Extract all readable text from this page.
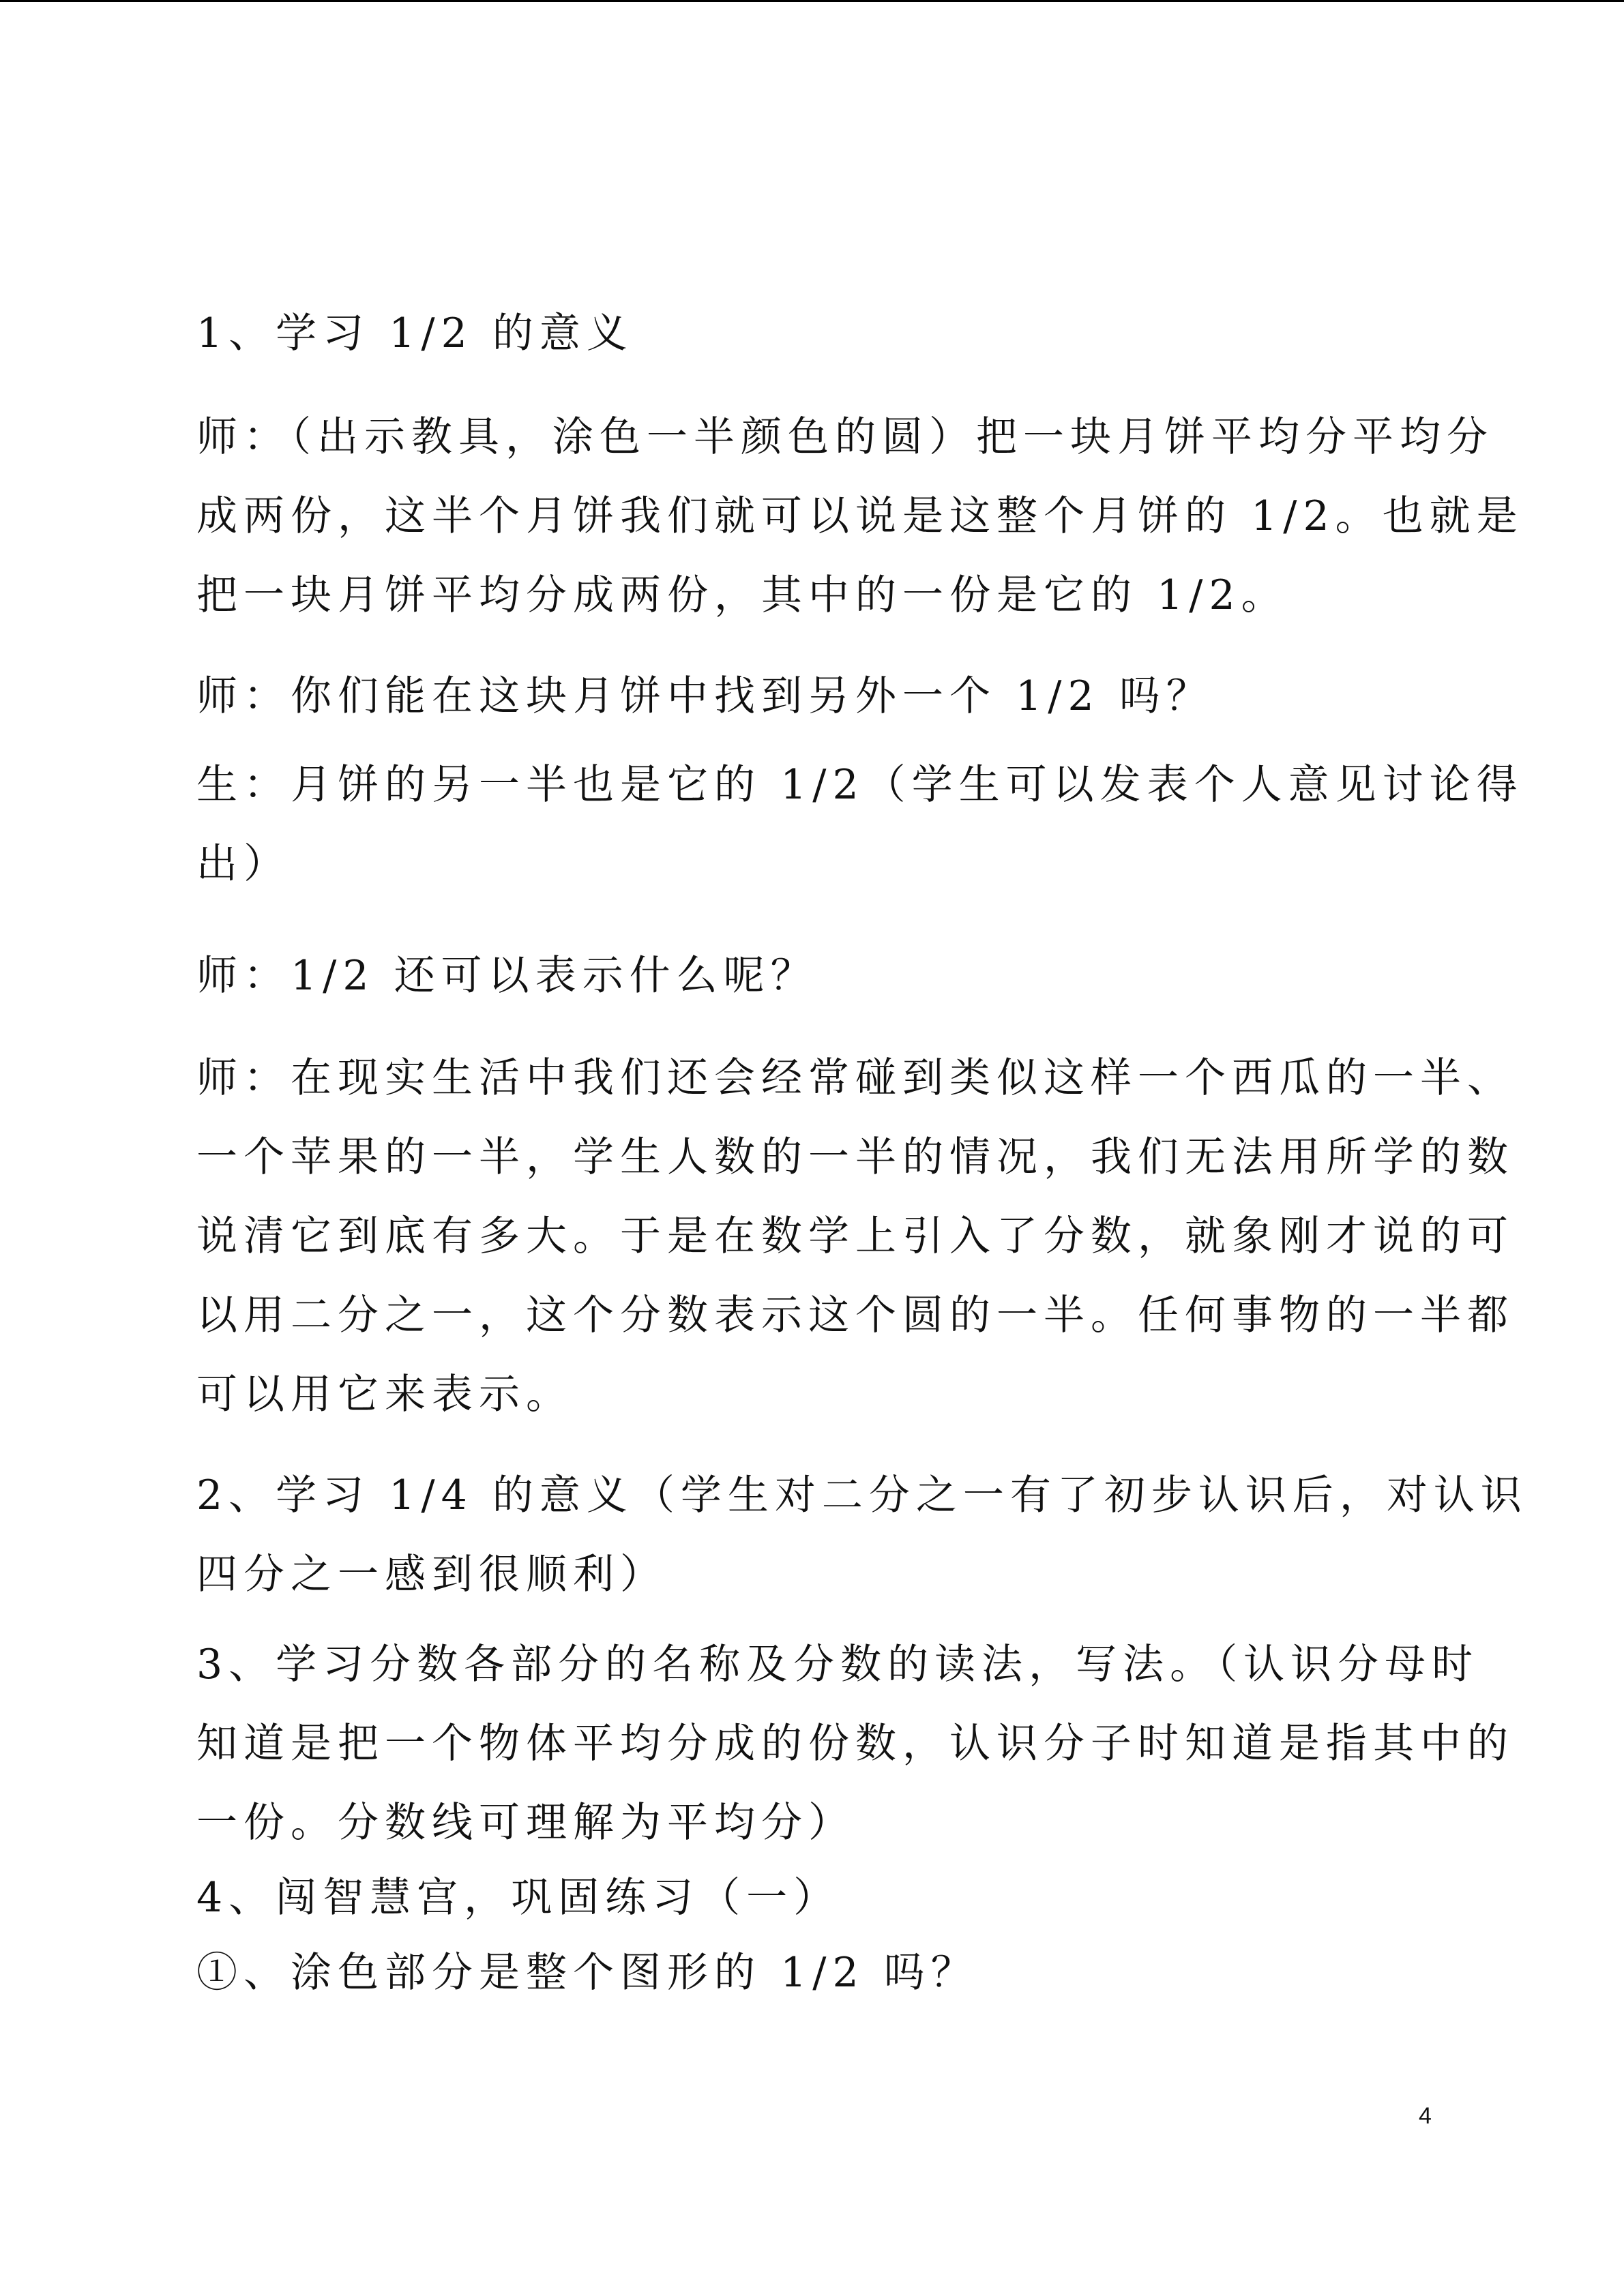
1、学习 1/2 的意义

师：（出示教具，涂色一半颜色的圆）把一块月饼平均分平均分

成两份，这半个月饼我们就可以说是这整个月饼的 1/2。也就是

把一块月饼平均分成两份，其中的一份是它的 1/2。

师：你们能在这块月饼中找到另外一个 1/2 吗？

生：月饼的另一半也是它的 1/2（学生可以发表个人意见讨论得

出）

师：1/2 还可以表示什么呢？

师：在现实生活中我们还会经常碰到类似这样一个西瓜的一半、

一个苹果的一半，学生人数的一半的情况，我们无法用所学的数

说清它到底有多大。于是在数学上引入了分数，就象刚才说的可

以用二分之一，这个分数表示这个圆的一半。任何事物的一半都

可以用它来表示。

2、学习 1/4 的意义（学生对二分之一有了初步认识后，对认识

四分之一感到很顺利）

3、学习分数各部分的名称及分数的读法，写法。（认识分母时

知道是把一个物体平均分成的份数，认识分子时知道是指其中的

一份。分数线可理解为平均分）

4、闯智慧宫，巩固练习（一）

①、涂色部分是整个图形的 1/2 吗？

4
